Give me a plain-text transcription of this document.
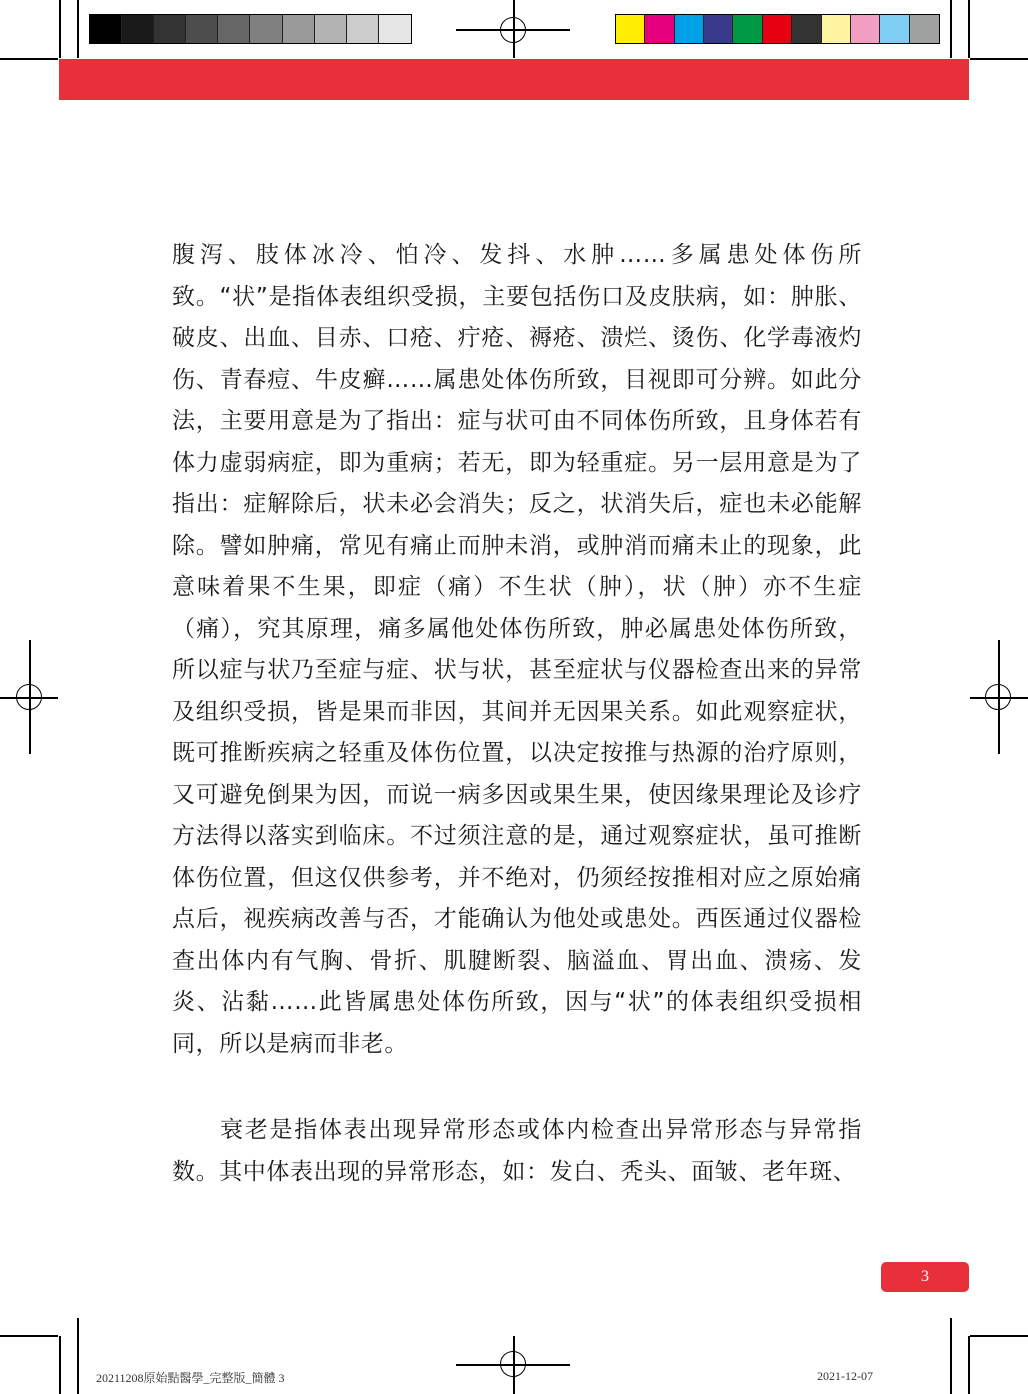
腹泻、肢体冰冷、怕冷、发抖、水肿……多属患处体伤所致。“状”是指体表组织受损，主要包括伤口及皮肤病，如：肿胀、破皮、出血、目赤、口疮、疔疮、褥疮、溃烂、烫伤、化学毒液灼伤、青春痘、牛皮癣……属患处体伤所致，目视即可分辨。如此分法，主要用意是为了指出：症与状可由不同体伤所致，且身体若有体力虚弱病症，即为重病；若无，即为轻重症。另一层用意是为了指出：症解除后，状未必会消失；反之，状消失后，症也未必能解除。譬如肿痛，常见有痛止而肿未消，或肿消而痛未止的现象，此意味着果不生果，即症（痛）不生状（肿），状（肿）亦不生症（痛），究其原理，痛多属他处体伤所致，肿必属患处体伤所致，所以症与状乃至症与症、状与状，甚至症状与仪器检查出来的异常及组织受损，皆是果而非因，其间并无因果关系。如此观察症状，既可推断疾病之轻重及体伤位置，以决定按推与热源的治疗原则，又可避免倒果为因，而说一病多因或果生果，使因缘果理论及诊疗方法得以落实到临床。不过须注意的是，通过观察症状，虽可推断体伤位置，但这仅供参考，并不绝对，仍须经按推相对应之原始痛点后，视疾病改善与否，才能确认为他处或患处。西医通过仪器检查出体内有气胸、骨折、肌腱断裂、脑溢血、胃出血、溃疡、发炎、沾黏……此皆属患处体伤所致，因与“状”的体表组织受损相同，所以是病而非老。
衰老是指体表出现异常形态或体内检查出异常形态与异常指数。其中体表出现的异常形态，如：发白、秃头、面皱、老年斑、
3
20211208原始點醫學_完整版_簡體 3	2021-12-07
